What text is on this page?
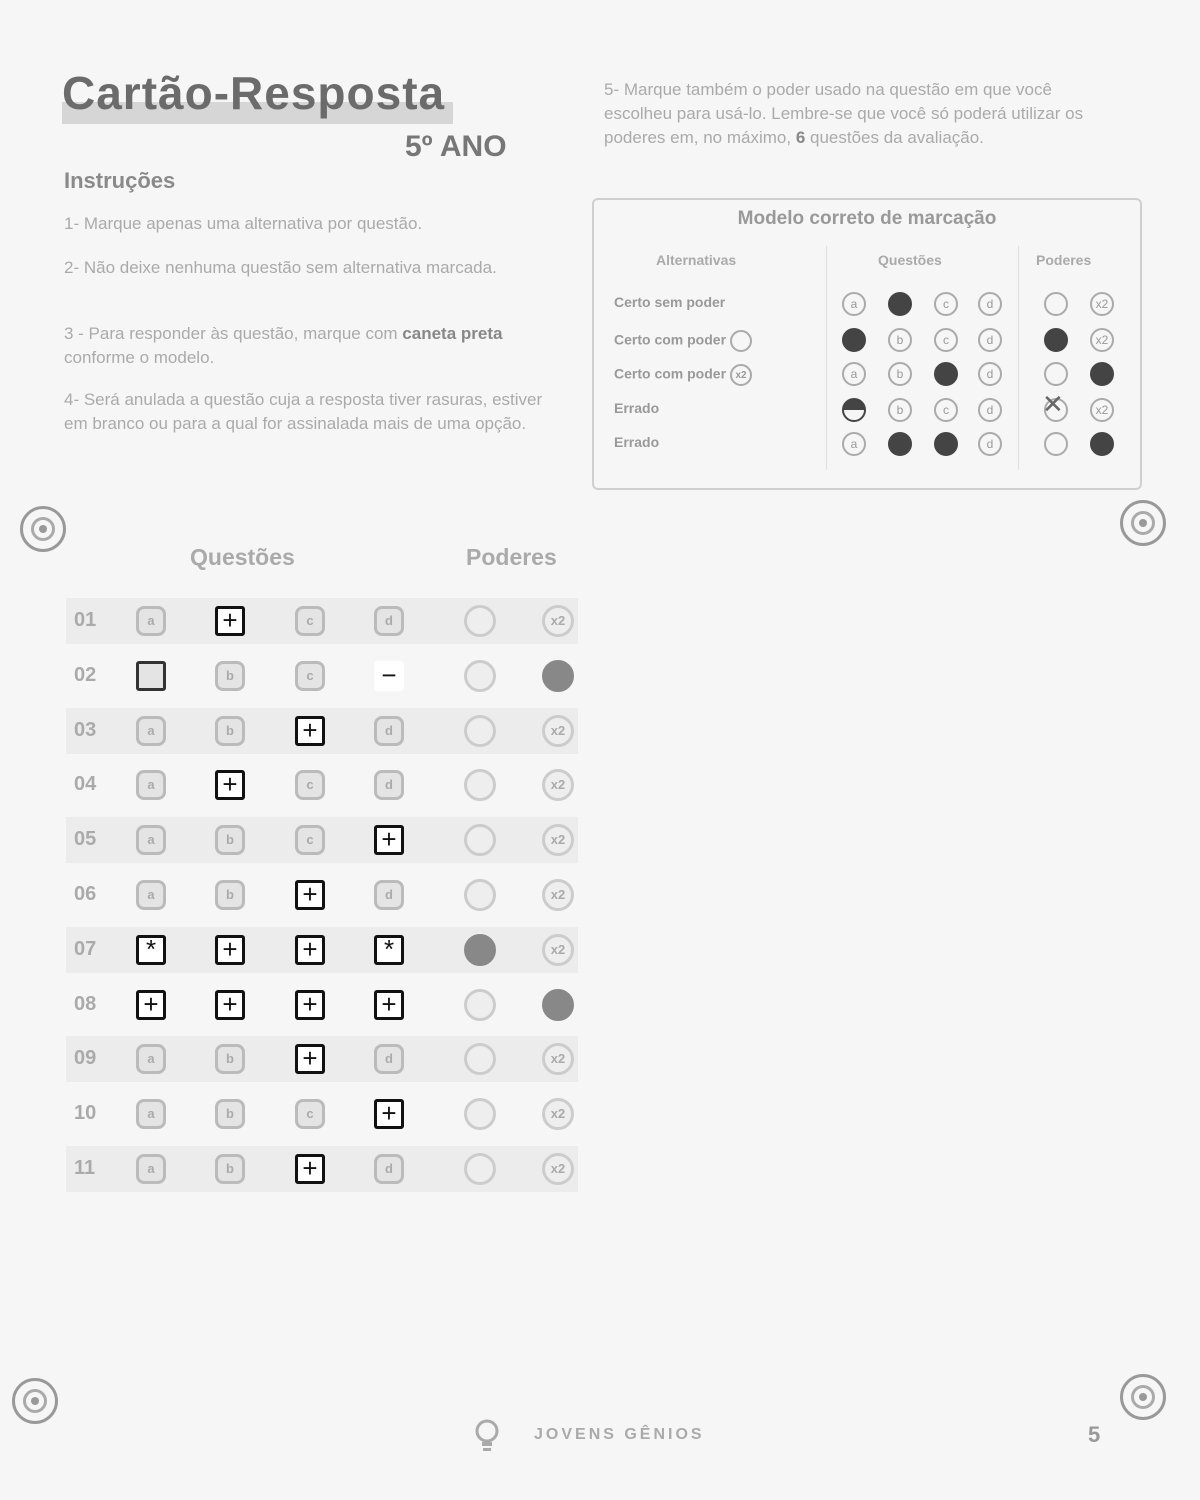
Cartão-Resposta
5º ANO
Instruções
1- Marque apenas uma alternativa por questão.
2- Não deixe nenhuma questão sem alternativa marcada.
3 - Para responder às questão, marque com caneta preta conforme o modelo.
4- Será anulada a questão cuja a resposta tiver rasuras, estiver em branco ou para a qual for assinalada mais de uma opção.
5- Marque também o poder usado na questão em que você escolheu para usá-lo. Lembre-se que você só poderá utilizar os poderes em, no máximo, 6 questões da avaliação.
Modelo correto de marcação
Alternativas	Questões	Poderes
Certo sem poder	a	c	d	x2
Certo com poder	b	c	d	x2
Certo com poder x2	a	b	d
Errado	b	c	d
✕	x2
Errado	a	d
Questões	Poderes
01	a	+	c	d	x2
02	b	c	−	x2
03	a	b	+	d	x2
04	a	+	c	d	x2
05	a	b	c	+	x2
06	a	b	+	d	x2
07	*	+ +	*	x2
08 + + + +	x2
09	a	b	+	d	x2
10	a	b	c	+	x2
11	a	b	+	d	x2
JOVENS GÊNIOS	5
